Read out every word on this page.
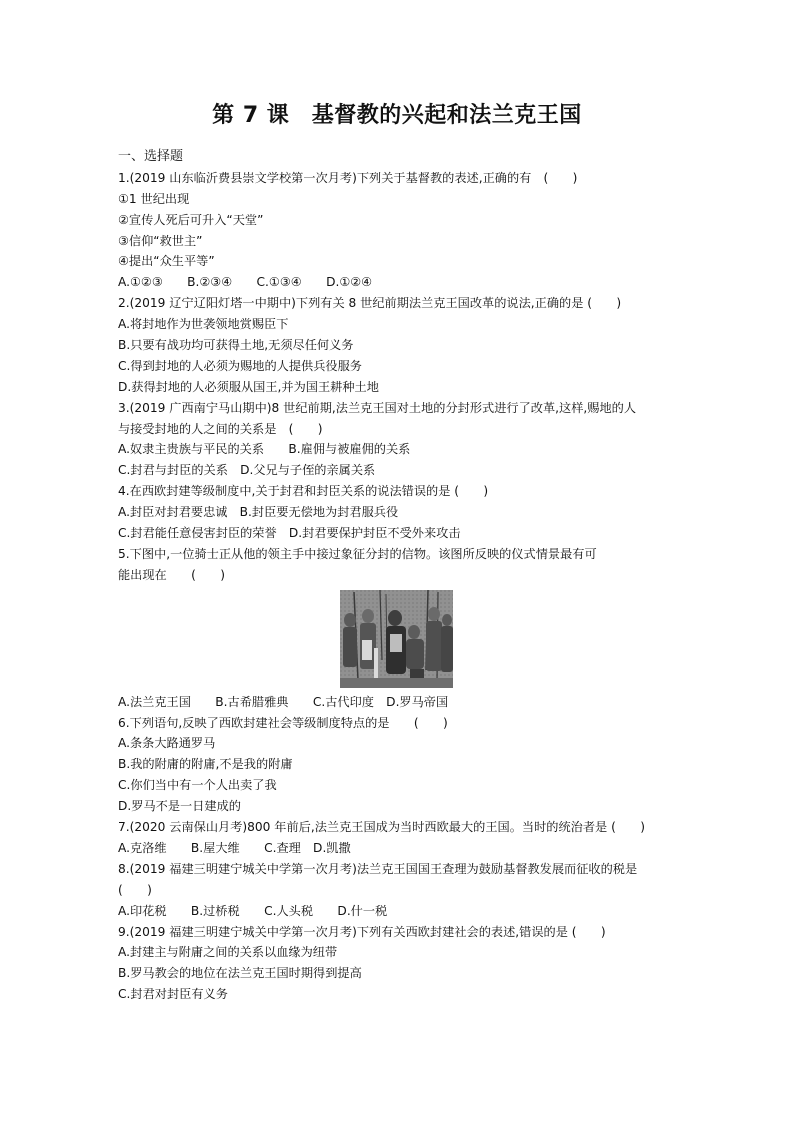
第 7 课　基督教的兴起和法兰克王国
一、选择题
1.(2019 山东临沂费县崇文学校第一次月考)下列关于基督教的表述,正确的有　(　　)
①1 世纪出现
②宣传人死后可升入“天堂”
③信仰“救世主”
④提出“众生平等”
A.①②③　　B.②③④　　C.①③④　　D.①②④
2.(2019 辽宁辽阳灯塔一中期中)下列有关 8 世纪前期法兰克王国改革的说法,正确的是 (　　)
A.将封地作为世袭领地赏赐臣下
B.只要有战功均可获得土地,无须尽任何义务
C.得到封地的人必须为赐地的人提供兵役服务
D.获得封地的人必须服从国王,并为国王耕种土地
3.(2019 广西南宁马山期中)8 世纪前期,法兰克王国对土地的分封形式进行了改革,这样,赐地的人
与接受封地的人之间的关系是　(　　)
A.奴隶主贵族与平民的关系　　B.雇佣与被雇佣的关系
C.封君与封臣的关系　D.父兄与子侄的亲属关系
4.在西欧封建等级制度中,关于封君和封臣关系的说法错误的是 (　　)
A.封臣对封君要忠诚　B.封臣要无偿地为封君服兵役
C.封君能任意侵害封臣的荣誉　D.封君要保护封臣不受外来攻击
5.下图中,一位骑士正从他的领主手中接过象征分封的信物。该图所反映的仪式情景最有可
能出现在　　(　　)
A.法兰克王国　　B.古希腊雅典　　C.古代印度　D.罗马帝国
6.下列语句,反映了西欧封建社会等级制度特点的是　　(　　)
A.条条大路通罗马
B.我的附庸的附庸,不是我的附庸
C.你们当中有一个人出卖了我
D.罗马不是一日建成的
7.(2020 云南保山月考)800 年前后,法兰克王国成为当时西欧最大的王国。当时的统治者是 (　　)
A.克洛维　　B.屋大维　　C.查理　D.凯撒
8.(2019 福建三明建宁城关中学第一次月考)法兰克王国国王查理为鼓励基督教发展而征收的税是
(　　)
A.印花税　　B.过桥税　　C.人头税　　D.什一税
9.(2019 福建三明建宁城关中学第一次月考)下列有关西欧封建社会的表述,错误的是 (　　)
A.封建主与附庸之间的关系以血缘为纽带
B.罗马教会的地位在法兰克王国时期得到提高
C.封君对封臣有义务
